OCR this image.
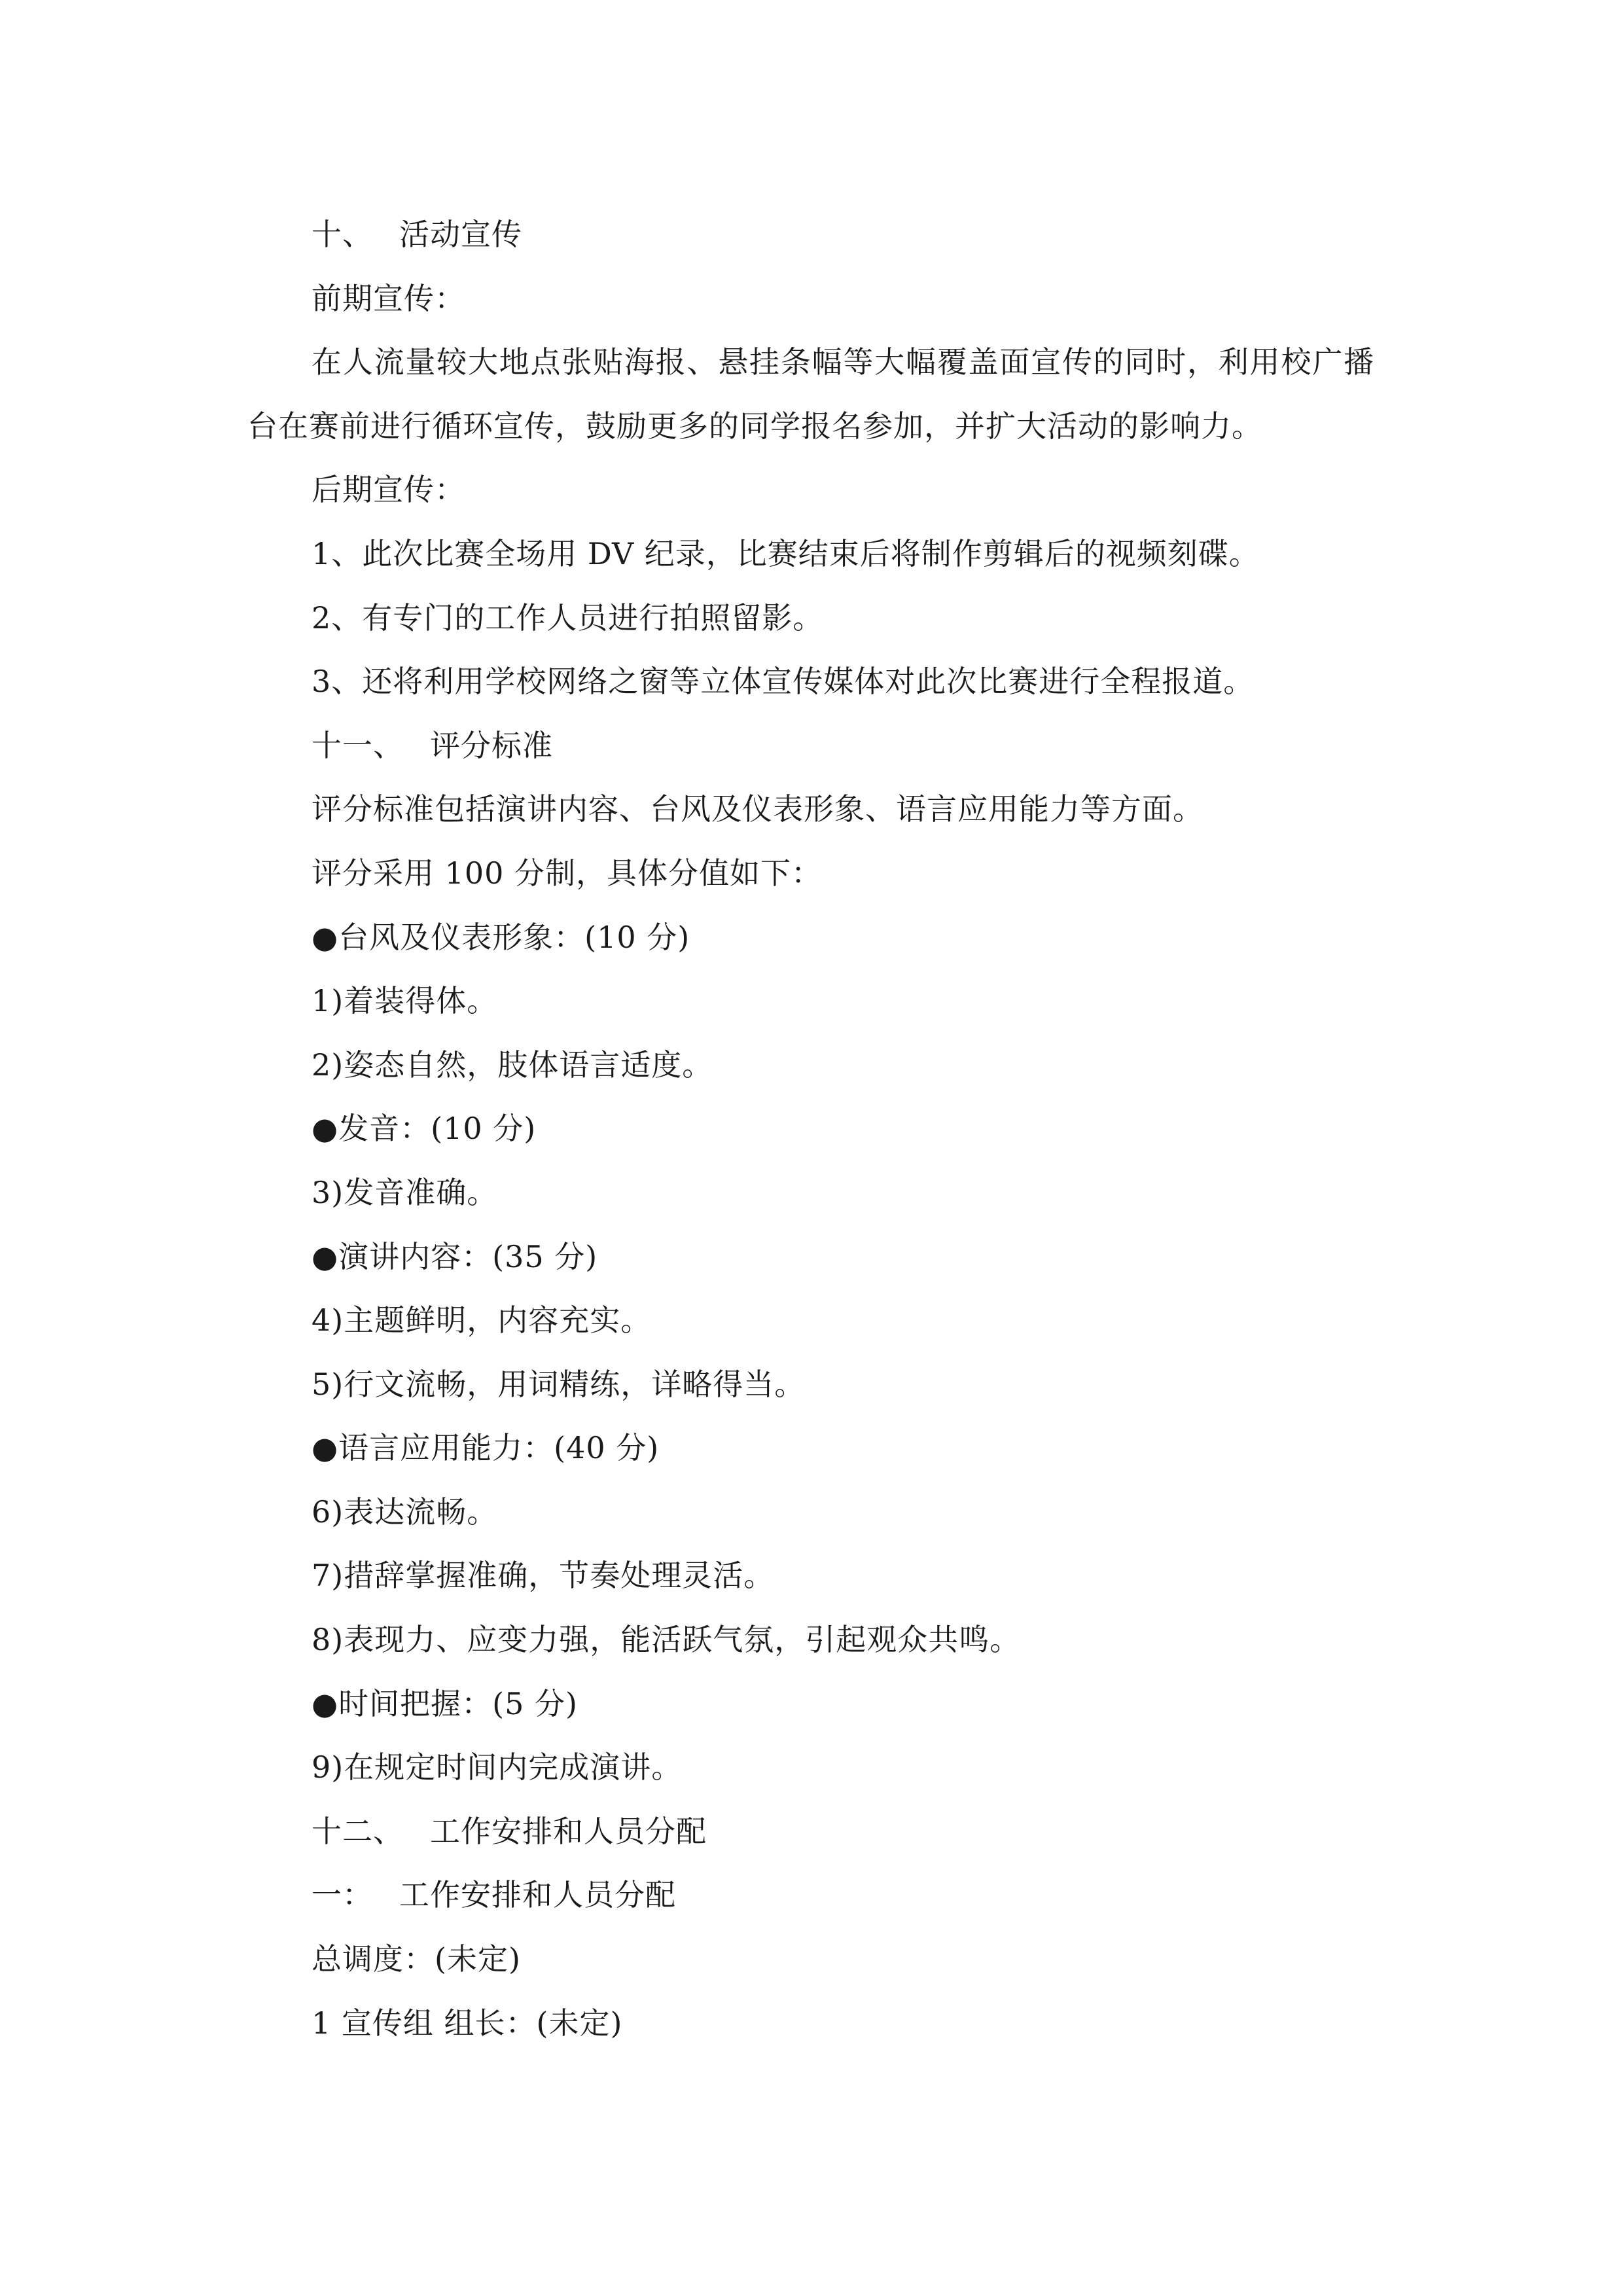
十、 活动宣传
前期宣传：
在人流量较大地点张贴海报、悬挂条幅等大幅覆盖面宣传的同时，利用校广播台在赛前进行循环宣传，鼓励更多的同学报名参加，并扩大活动的影响力。
后期宣传：
1、此次比赛全场用 DV 纪录，比赛结束后将制作剪辑后的视频刻碟。
2、有专门的工作人员进行拍照留影。
3、还将利用学校网络之窗等立体宣传媒体对此次比赛进行全程报道。
十一、 评分标准
评分标准包括演讲内容、台风及仪表形象、语言应用能力等方面。
评分采用 100 分制，具体分值如下：
●台风及仪表形象：(10 分)
1)着装得体。
2)姿态自然，肢体语言适度。
●发音：(10 分)
3)发音准确。
●演讲内容：(35 分)
4)主题鲜明，内容充实。
5)行文流畅，用词精练，详略得当。
●语言应用能力：(40 分)
6)表达流畅。
7)措辞掌握准确，节奏处理灵活。
8)表现力、应变力强，能活跃气氛，引起观众共鸣。
●时间把握：(5 分)
9)在规定时间内完成演讲。
十二、 工作安排和人员分配
一： 工作安排和人员分配
总调度：(未定)
1 宣传组 组长：(未定)
